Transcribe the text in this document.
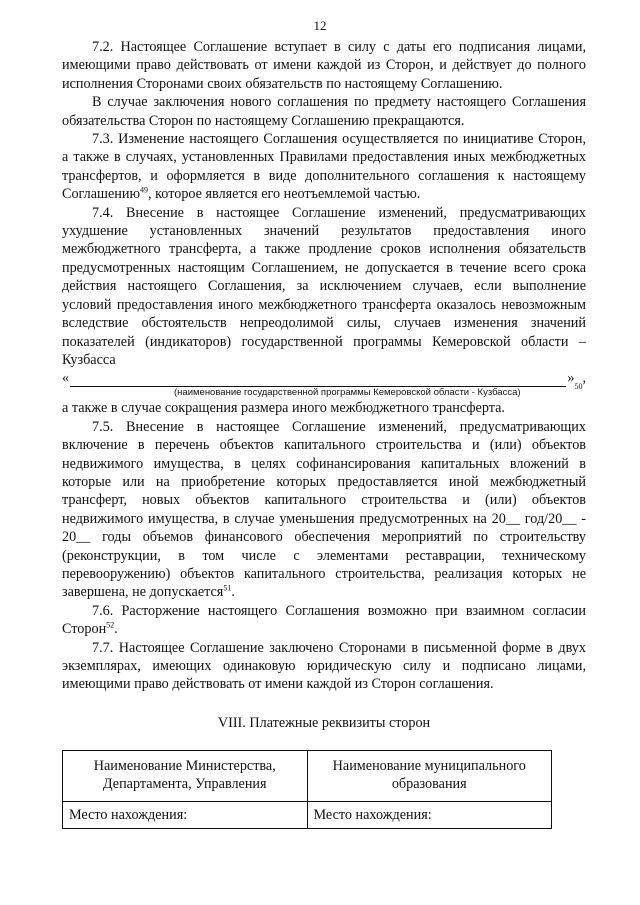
12

7.2. Настоящее Соглашение вступает в силу с даты его подписания лицами, имеющими право действовать от имени каждой из Сторон, и действует до полного исполнения Сторонами своих обязательств по настоящему Соглашению.

В случае заключения нового соглашения по предмету настоящего Соглашения обязательства Сторон по настоящему Соглашению прекращаются.

7.3. Изменение настоящего Соглашения осуществляется по инициативе Сторон, а также в случаях, установленных Правилами предоставления иных межбюджетных трансфертов, и оформляется в виде дополнительного соглашения к настоящему Соглашению$^{49}$, которое является его неотъемлемой частью.

7.4. Внесение в настоящее Соглашение изменений, предусматривающих ухудшение установленных значений результатов предоставления иного межбюджетного трансферта, а также продление сроков исполнения обязательств предусмотренных настоящим Соглашением, не допускается в течение всего срока действия настоящего Соглашения, за исключением случаев, если выполнение условий предоставления иного межбюджетного трансферта оказалось невозможным вследствие обстоятельств непреодолимой силы, случаев изменения значений показателей (индикаторов) государственной программы Кемеровской области – Кузбасса

«	»
50
,

(наименование государственной программы Кемеровской области - Кузбасса)

а также в случае сокращения размера иного межбюджетного трансферта.

7.5. Внесение в настоящее Соглашение изменений, предусматривающих включение в перечень объектов капитального строительства и (или) объектов недвижимого имущества, в целях софинансирования капитальных вложений в которые или на приобретение которых предоставляется иной межбюджетный трансферт, новых объектов капитального строительства и (или) объектов недвижимого имущества, в случае уменьшения предусмотренных на 20__ год/20__ - 20__ годы объемов финансового обеспечения мероприятий по строительству (реконструкции, в том числе с элементами реставрации, техническому перевооружению) объектов капитального строительства, реализация которых не завершена, не допускается$^{51}$.

7.6. Расторжение настоящего Соглашения возможно при взаимном согласии Сторон$^{52}$.

7.7. Настоящее Соглашение заключено Сторонами в письменной форме в двух экземплярах, имеющих одинаковую юридическую силу и подписано лицами, имеющими право действовать от имени каждой из Сторон соглашения.

VIII. Платежные реквизиты сторон

Наименование Министерства, Департамента, Управления	Наименование муниципального образования
Место нахождения:	Место нахождения:
